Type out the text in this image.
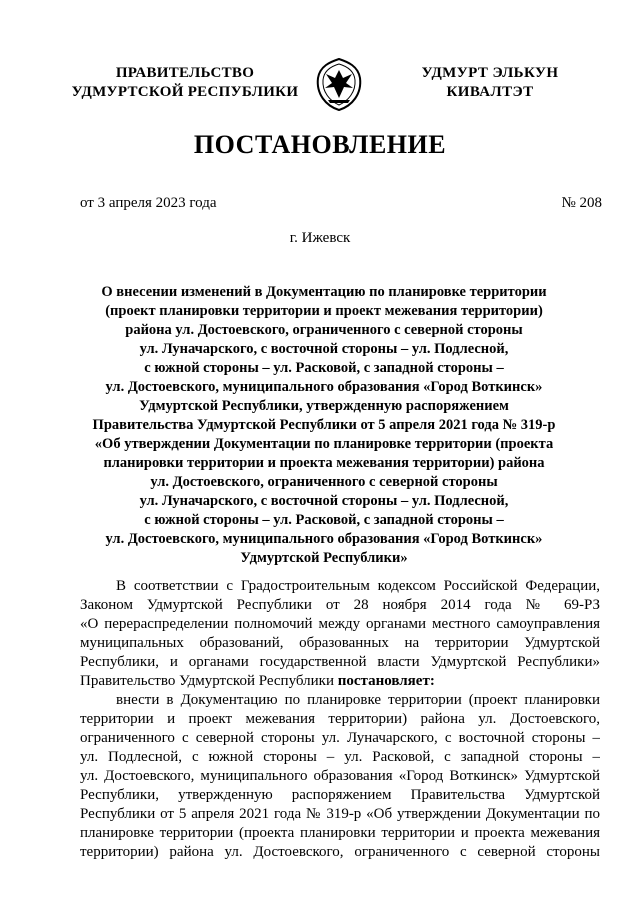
ПРАВИТЕЛЬСТВО
УДМУРТСКОЙ РЕСПУБЛИКИ
УДМУРТ ЭЛЬКУН
КИВАЛТЭТ
ПОСТАНОВЛЕНИЕ
от 3 апреля 2023 года	№ 208
г. Ижевск
О внесении изменений в Документацию по планировке территории
(проект планировки территории и проект межевания территории)
района ул. Достоевского, ограниченного с северной стороны
ул. Луначарского, с восточной стороны – ул. Подлесной,
с южной стороны – ул. Расковой, с западной стороны –
ул. Достоевского, муниципального образования «Город Воткинск»
Удмуртской Республики, утвержденную распоряжением
Правительства Удмуртской Республики от 5 апреля 2021 года № 319-р
«Об утверждении Документации по планировке территории (проекта
планировки территории и проекта межевания территории) района
ул. Достоевского, ограниченного с северной стороны
ул. Луначарского, с восточной стороны – ул. Подлесной,
с южной стороны – ул. Расковой, с западной стороны –
ул. Достоевского, муниципального образования «Город Воткинск»
Удмуртской Республики»
В соответствии с Градостроительным кодексом Российской Федерации,
Законом Удмуртской Республики от 28 ноября 2014 года № 69-РЗ
«О перераспределении полномочий между органами местного самоуправления
муниципальных образований, образованных на территории Удмуртской
Республики, и органами государственной власти Удмуртской Республики»
Правительство Удмуртской Республики постановляет:
внести в Документацию по планировке территории (проект планировки
территории и проект межевания территории) района ул. Достоевского,
ограниченного с северной стороны ул. Луначарского, с восточной стороны –
ул. Подлесной, с южной стороны – ул. Расковой, с западной стороны –
ул. Достоевского, муниципального образования «Город Воткинск» Удмуртской
Республики, утвержденную распоряжением Правительства Удмуртской
Республики от 5 апреля 2021 года № 319-р «Об утверждении Документации по
планировке территории (проекта планировки территории и проекта межевания
территории) района ул. Достоевского, ограниченного с северной стороны
